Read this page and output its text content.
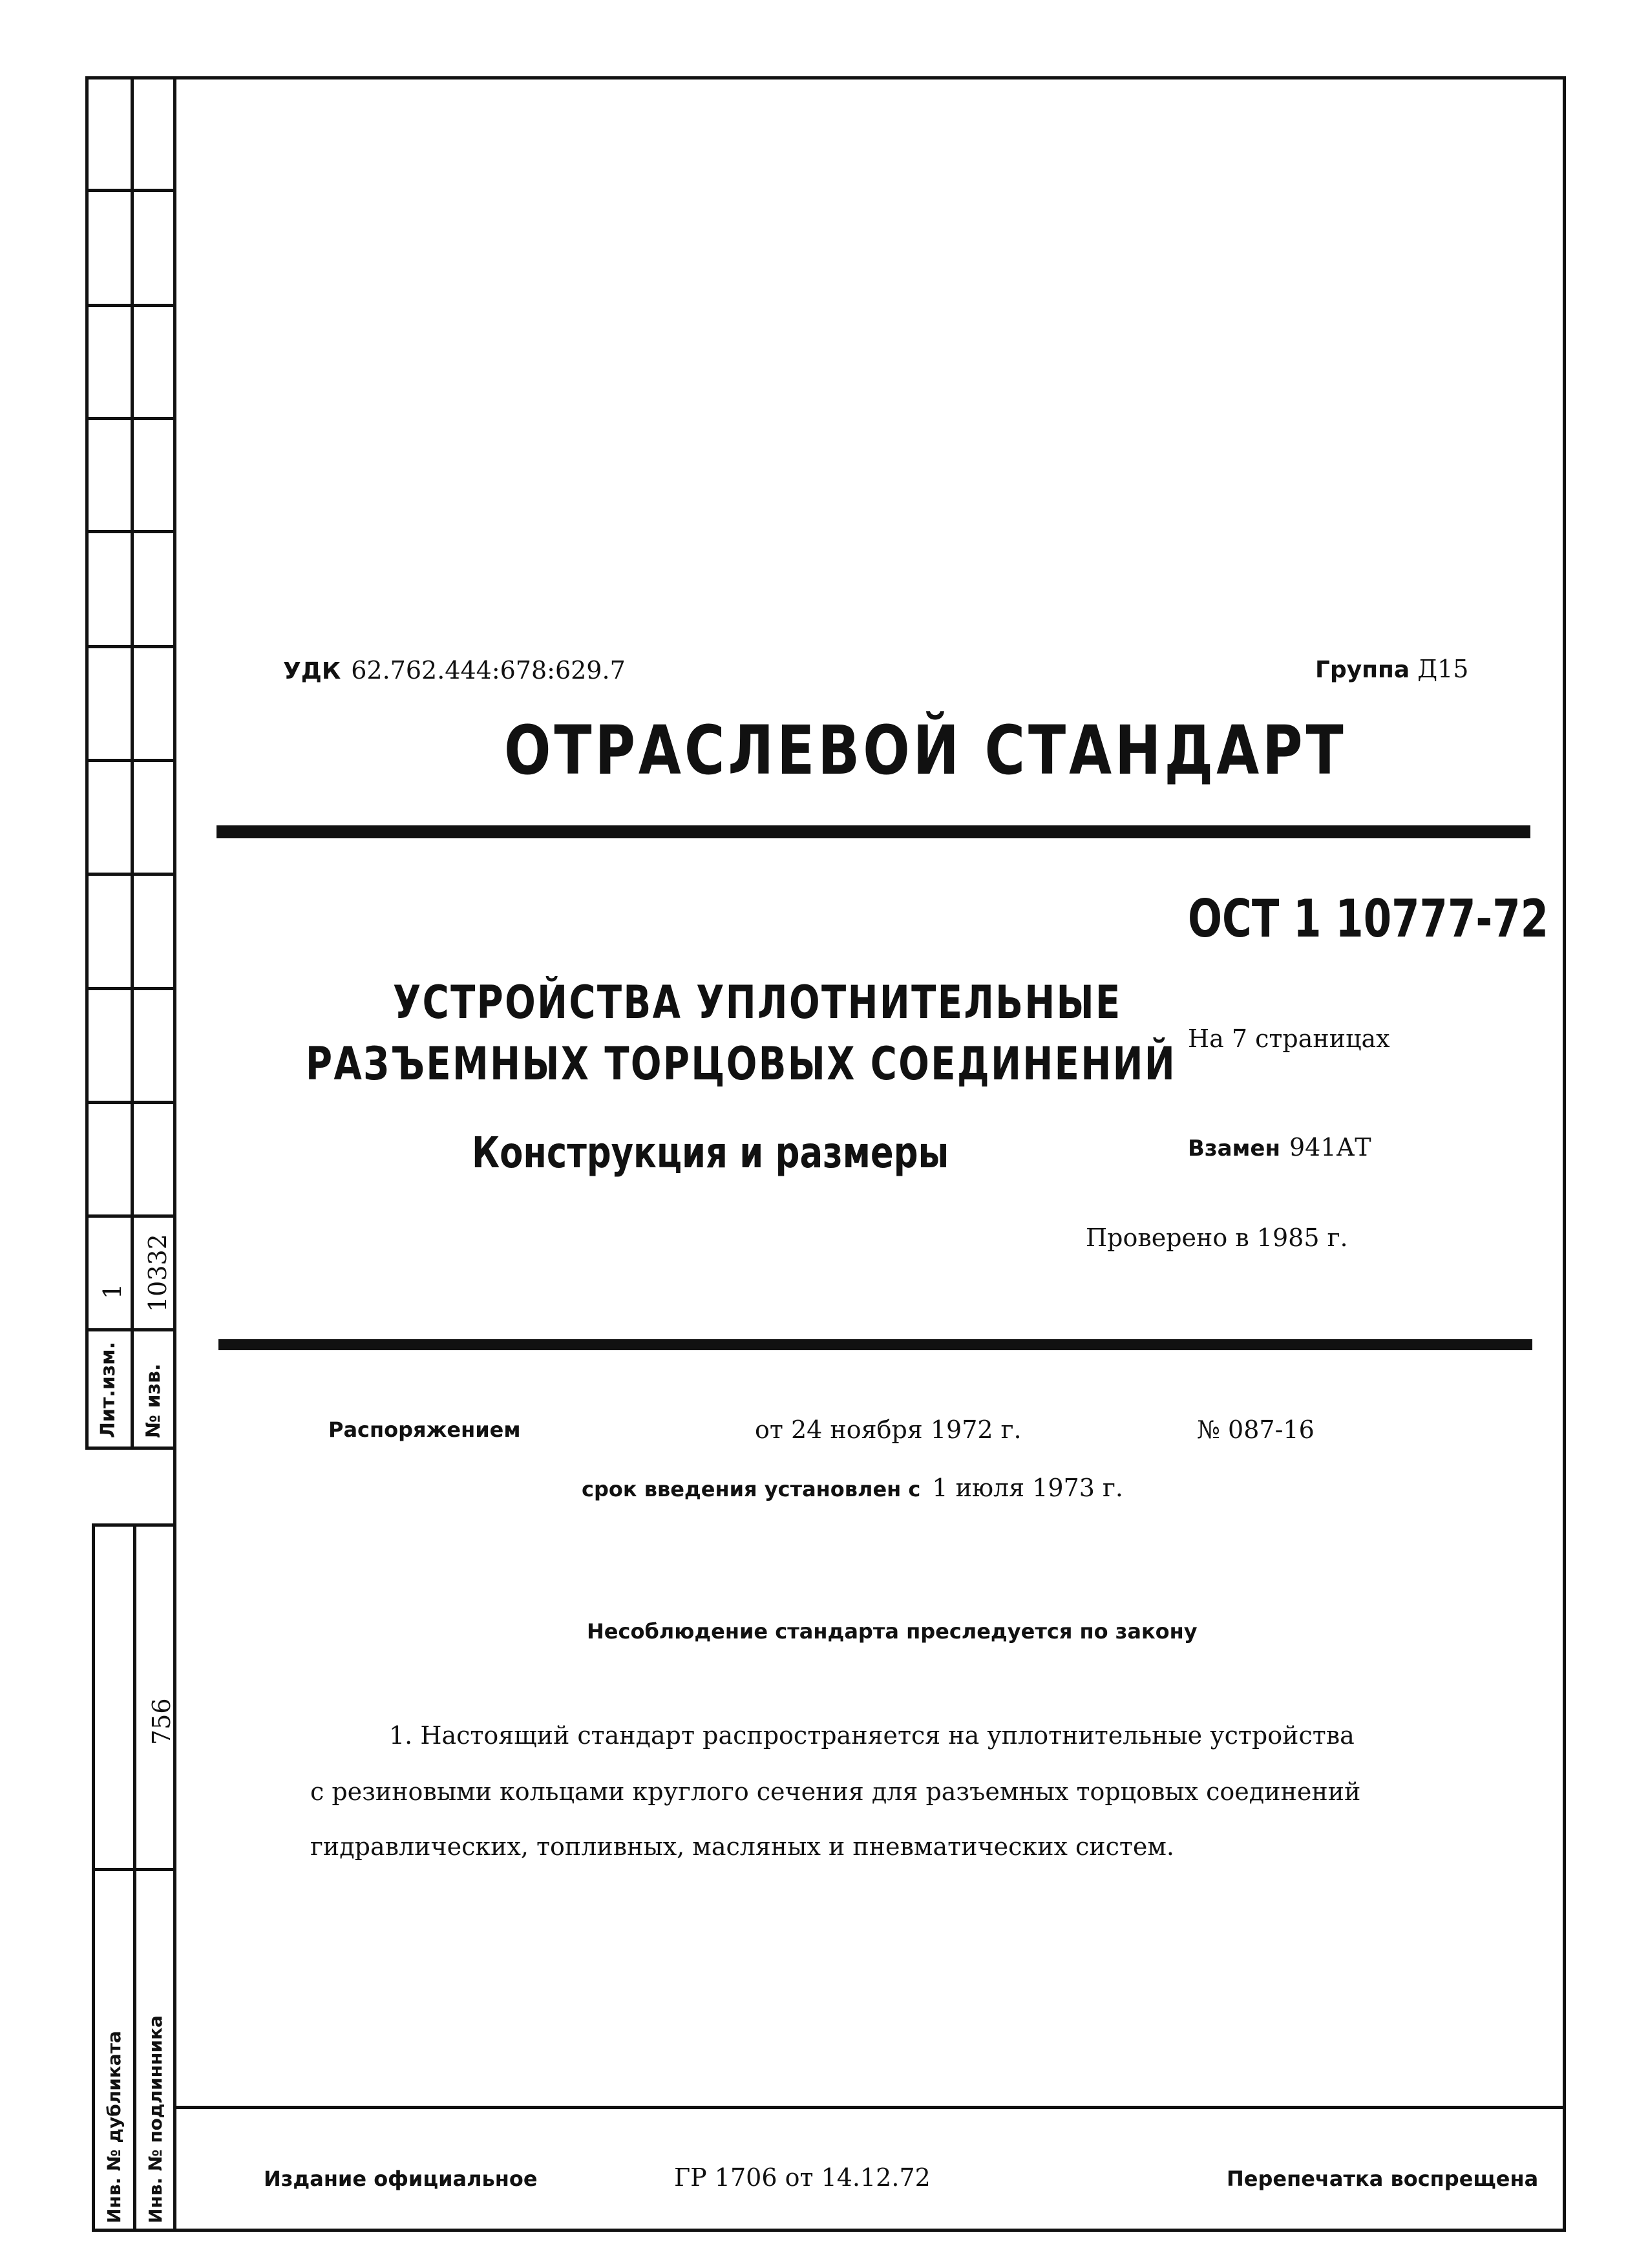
1 10332
Лит.изм. № изв.
756
Инв. № дубликата Инв. № подлинника
УДК 62.762.444:678:629.7	Группа Д15
ОТРАСЛЕВОЙ СТАНДАРТ
ОСТ 1 10777-72
УСТРОЙСТВА УПЛОТНИТЕЛЬНЫЕ
РАЗЪЕМНЫХ ТОРЦОВЫХ СОЕДИНЕНИЙ
Конструкция и размеры
На 7 страницах
Взамен 941АТ
Проверено в 1985 г.
Распоряжением	от 24 ноября 1972 г.	№ 087-16
срок введения установлен с 1 июля 1973 г.
Несоблюдение стандарта преследуется по закону
1. Настоящий стандарт распространяется на уплотнительные устройства
с резиновыми кольцами круглого сечения для разъемных торцовых соединений
гидравлических, топливных, масляных и пневматических систем.
Издание официальное	ГР 1706 от 14.12.72	Перепечатка воспрещена
